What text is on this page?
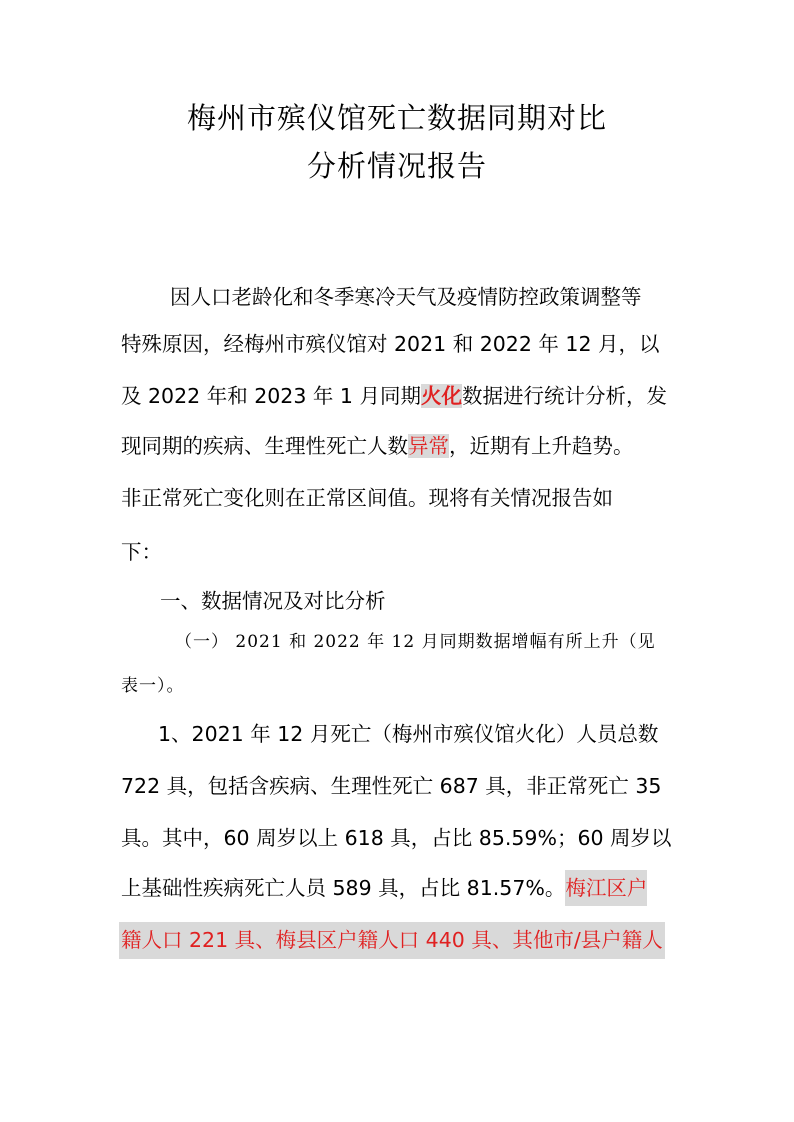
梅州市殡仪馆死亡数据同期对比
分析情况报告
因人口老龄化和冬季寒冷天气及疫情防控政策调整等
特殊原因，经梅州市殡仪馆对 2021 和 2022 年 12 月，以
及 2022 年和 2023 年 1 月同期火化数据进行统计分析，发
现同期的疾病、生理性死亡人数异常，近期有上升趋势。
非正常死亡变化则在正常区间值。现将有关情况报告如
下：
一、数据情况及对比分析
（一） 2021 和 2022 年 12 月同期数据增幅有所上升（见
表一）。
1、2021 年 12 月死亡（梅州市殡仪馆火化）人员总数
722 具，包括含疾病、生理性死亡 687 具，非正常死亡 35
具。其中，60 周岁以上 618 具，占比 85.59%；60 周岁以
上基础性疾病死亡人员 589 具，占比 81.57%。梅江区户
籍人口 221 具、梅县区户籍人口 440 具、其他市/县户籍人
